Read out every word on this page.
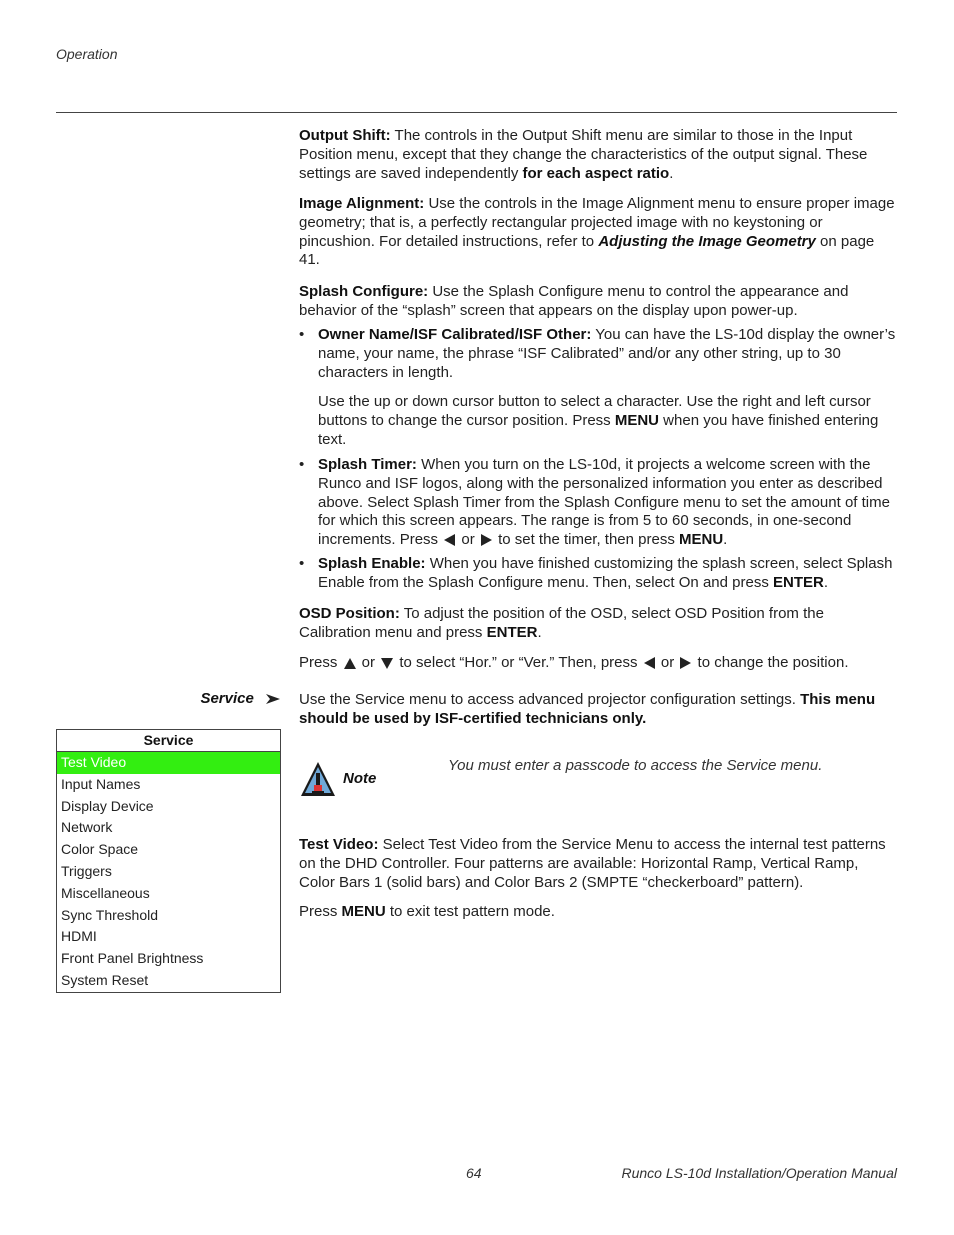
Operation

Output Shift: The controls in the Output Shift menu are similar to those in the Input Position menu, except that they change the characteristics of the output signal. These settings are saved independently for each aspect ratio.

Image Alignment: Use the controls in the Image Alignment menu to ensure proper image geometry; that is, a perfectly rectangular projected image with no keystoning or pincushion. For detailed instructions, refer to Adjusting the Image Geometry on page 41.

Splash Configure: Use the Splash Configure menu to control the appearance and behavior of the “splash” screen that appears on the display upon power-up.

• Owner Name/ISF Calibrated/ISF Other: You can have the LS-10d display the owner’s name, your name, the phrase “ISF Calibrated” and/or any other string, up to 30 characters in length.

Use the up or down cursor button to select a character. Use the right and left cursor buttons to change the cursor position. Press MENU when you have finished entering text.

• Splash Timer: When you turn on the LS-10d, it projects a welcome screen with the Runco and ISF logos, along with the personalized information you enter as described above. Select Splash Timer from the Splash Configure menu to set the amount of time for which this screen appears. The range is from 5 to 60 seconds, in one-second increments. Press  or  to set the timer, then press MENU.

• Splash Enable: When you have finished customizing the splash screen, select Splash Enable from the Splash Configure menu. Then, select On and press ENTER.

OSD Position: To adjust the position of the OSD, select OSD Position from the Calibration menu and press ENTER.

Press  or  to select “Hor.” or “Ver.” Then, press  or  to change the position.

Service	Use the Service menu to access advanced projector configuration settings. This menu should be used by ISF-certified technicians only.

Service
Test Video
Input Names
Display Device
Network
Color Space
Triggers
Miscellaneous
Sync Threshold
HDMI
Front Panel Brightness
System Reset
Note
You must enter a passcode to access the Service menu.

Test Video: Select Test Video from the Service Menu to access the internal test patterns on the DHD Controller. Four patterns are available: Horizontal Ramp, Vertical Ramp, Color Bars 1 (solid bars) and Color Bars 2 (SMPTE “checkerboard” pattern).

Press MENU to exit test pattern mode.

64	Runco LS-10d Installation/Operation Manual
